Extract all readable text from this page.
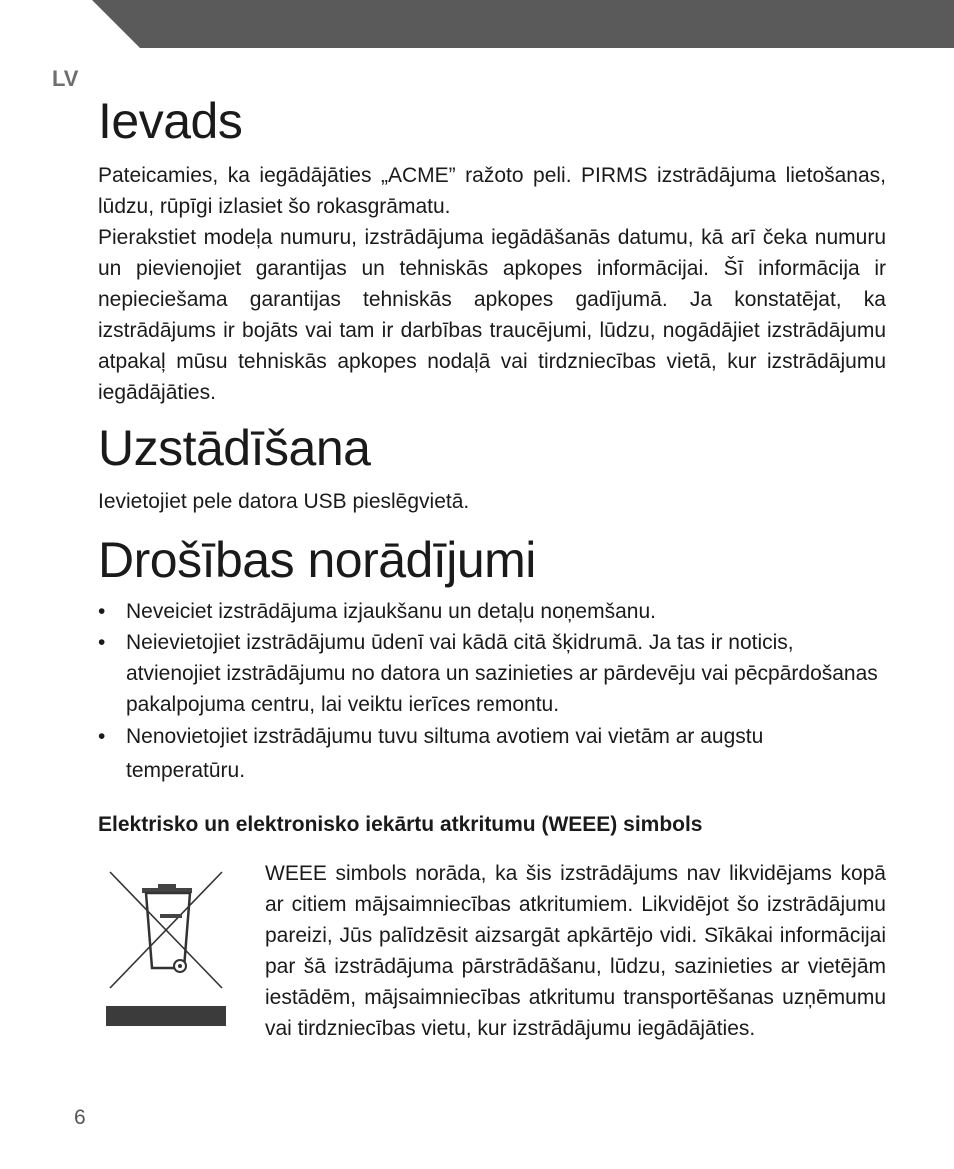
LV
Ievads

Pateicamies, ka iegādājāties „ACME” ražoto peli. PIRMS izstrādājuma lietošanas, lūdzu, rūpīgi izlasiet šo rokasgrāmatu.

Pierakstiet modeļa numuru, izstrādājuma iegādāšanās datumu, kā arī čeka numuru un pievienojiet garantijas un tehniskās apkopes informācijai. Šī informācija ir nepieciešama garantijas tehniskās apkopes gadījumā. Ja konstatējat, ka izstrādājums ir bojāts vai tam ir darbības traucējumi, lūdzu, nogādājiet izstrādājumu atpakaļ mūsu tehniskās apkopes nodaļā vai tirdzniecības vietā, kur izstrādājumu iegādājāties.

Uzstādīšana

Ievietojiet pele datora USB pieslēgvietā.

Drošības norādījumi
• Neveiciet izstrādājuma izjaukšanu un detaļu noņemšanu.
• Neievietojiet izstrādājumu ūdenī vai kādā citā šķidrumā. Ja tas ir noticis, atvienojiet izstrādājumu no datora un sazinieties ar pārdevēju vai pēcpārdošanas pakalpojuma centru, lai veiktu ierīces remontu.
• Nenovietojiet izstrādājumu tuvu siltuma avotiem vai vietām ar augstu temperatūru.
Elektrisko un elektronisko iekārtu atkritumu (WEEE) simbols

WEEE simbols norāda, ka šis izstrādājums nav likvidējams kopā ar citiem mājsaimniecības atkritumiem. Likvidējot šo izstrādājumu pareizi, Jūs palīdzēsit aizsargāt apkārtējo vidi. Sīkākai informācijai par šā izstrādājuma pārstrādāšanu, lūdzu, sazinieties ar vietējām iestādēm, mājsaimniecības atkritumu transportēšanas uzņēmumu vai tirdzniecības vietu, kur izstrādājumu iegādājāties.

6
